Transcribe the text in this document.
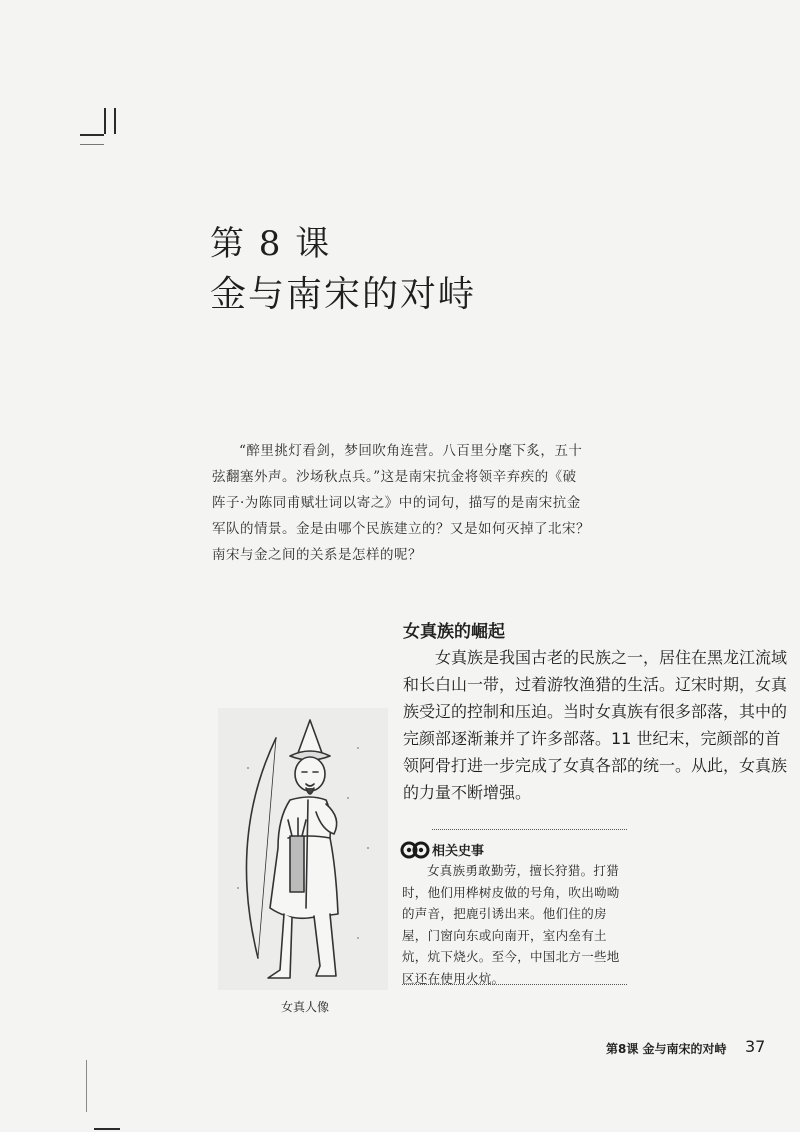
第 8 课
金与南宋的对峙
“醉里挑灯看剑，梦回吹角连营。八百里分麾下炙，五十弦翻塞外声。沙场秋点兵。”这是南宋抗金将领辛弃疾的《破阵子·为陈同甫赋壮词以寄之》中的词句，描写的是南宋抗金军队的情景。金是由哪个民族建立的？又是如何灭掉了北宋？南宋与金之间的关系是怎样的呢？
女真族的崛起
女真族是我国古老的民族之一，居住在黑龙江流域和长白山一带，过着游牧渔猎的生活。辽宋时期，女真族受辽的控制和压迫。当时女真族有很多部落，其中的完颜部逐渐兼并了许多部落。11 世纪末，完颜部的首领阿骨打进一步完成了女真各部的统一。从此，女真族的力量不断增强。
女真人像
相关史事
女真族勇敢勤劳，擅长狩猎。打猎时，他们用桦树皮做的号角，吹出呦呦的声音，把鹿引诱出来。他们住的房屋，门窗向东或向南开，室内垒有土炕，炕下烧火。至今，中国北方一些地区还在使用火炕。
第8课 金与南宋的对峙 37
